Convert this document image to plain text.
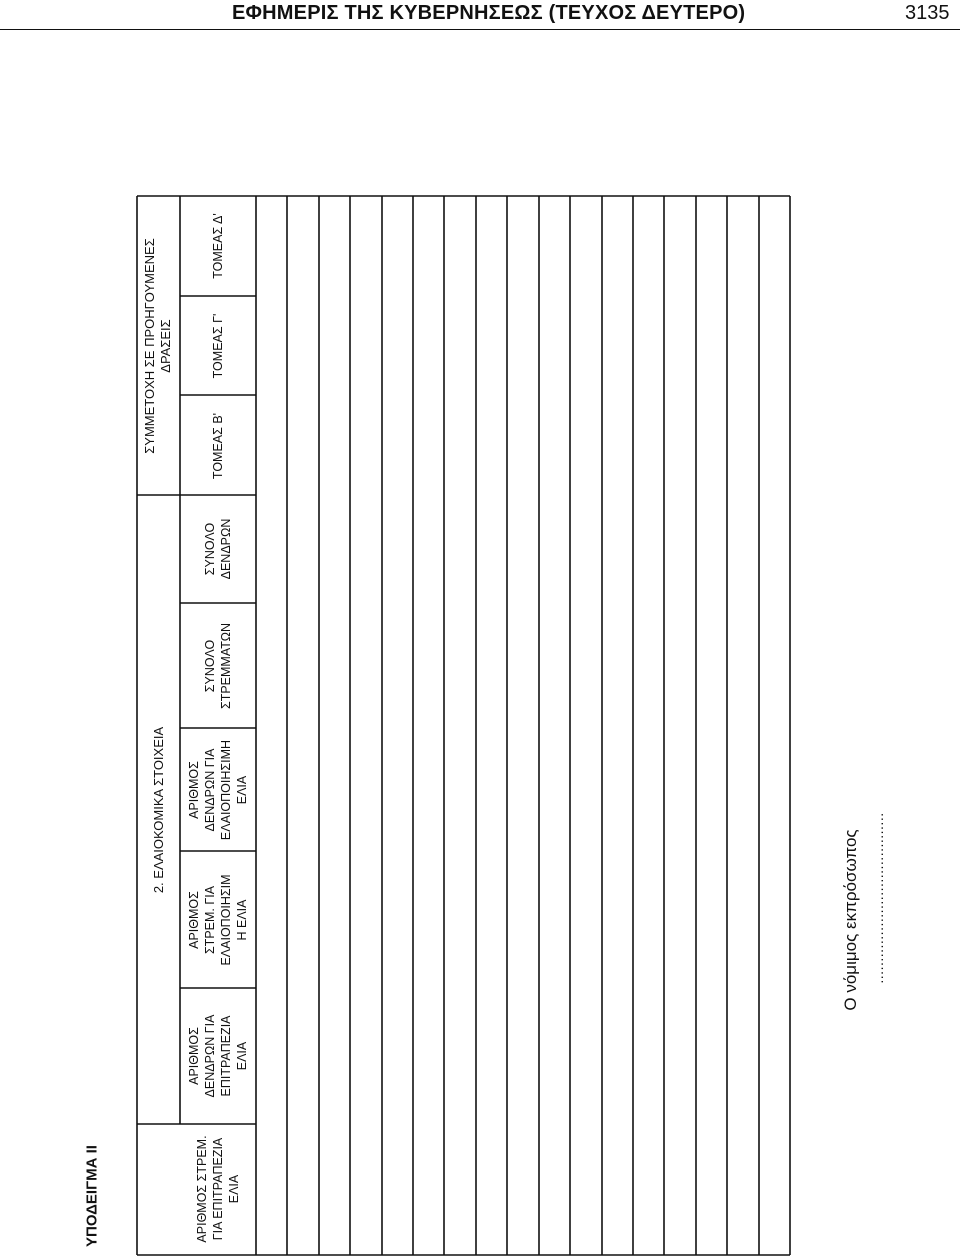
ΕΦΗΜΕΡΙΣ ΤΗΣ ΚΥΒΕΡΝΗΣΕΩΣ (ΤΕΥΧΟΣ ΔΕΥΤΕΡΟ)	3135
ΥΠΟΔΕΙΓΜΑ ΙΙ
2. ΕΛΑΙΟΚΟΜΙΚΑ ΣΤΟΙΧΕΙΑ
ΣΥΜΜΕΤΟΧΗ ΣΕ ΠΡΟΗΓΟΥΜΕΝΕΣ ΔΡΑΣΕΙΣ
ΑΡΙΘΜΟΣ ΣΤΡΕΜ. ΓΙΑ ΕΠΙΤΡΑΠΕΖΙΑ ΕΛΙΑ
ΑΡΙΘΜΟΣ ΔΕΝΔΡΩΝ ΓΙΑ ΕΠΙΤΡΑΠΕΖΙΑ ΕΛΙΑ
ΑΡΙΘΜΟΣ ΣΤΡΕΜ. ΓΙΑ ΕΛΑΙΟΠΟΙΗΣΙΜ Η ΕΛΙΑ
ΑΡΙΘΜΟΣ ΔΕΝΔΡΩΝ ΓΙΑ ΕΛΑΙΟΠΟΙΗΣΙΜΗ ΕΛΙΑ
ΣΥΝΟΛΟ ΣΤΡΕΜΜΑΤΩΝ
ΣΥΝΟΛΟ ΔΕΝΔΡΩΝ
ΤΟΜΕΑΣ Β'
ΤΟΜΕΑΣ Γ'
ΤΟΜΕΑΣ Δ'
Ο νόμιμος εκπρόσωπος .......................................
